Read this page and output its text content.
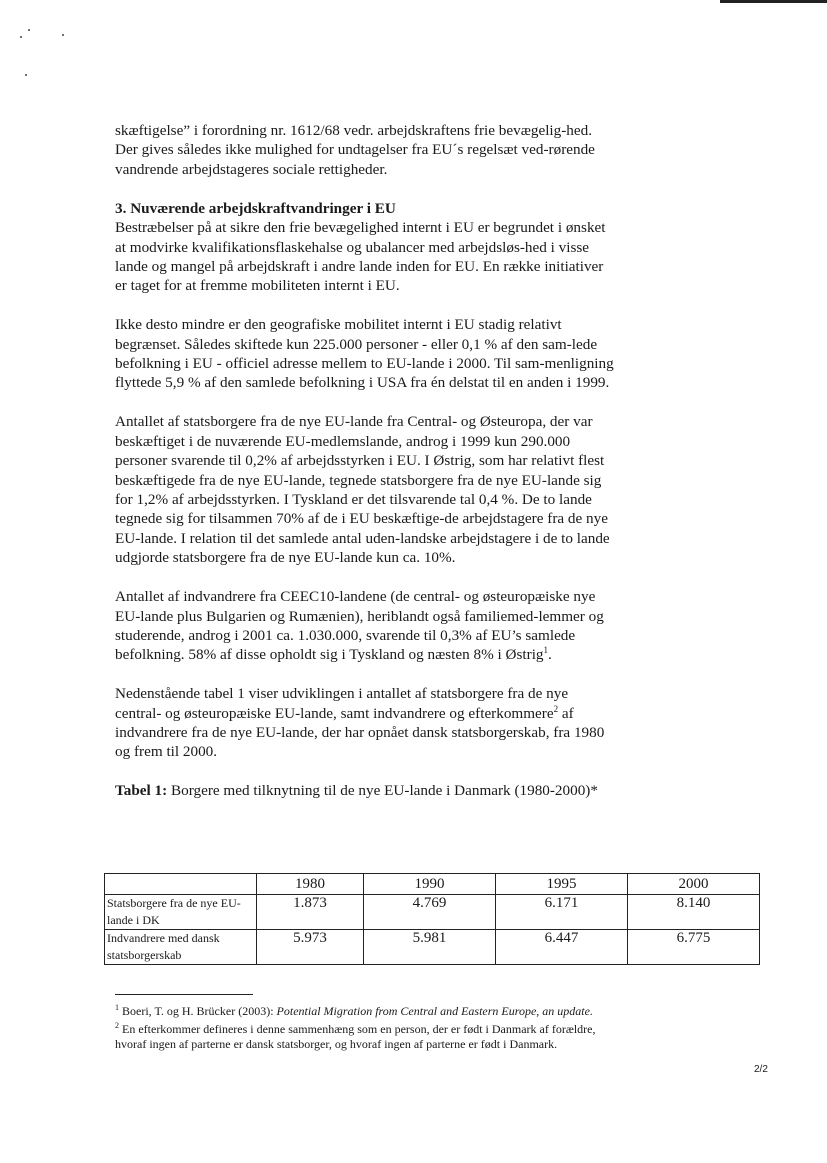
skæftigelse” i forordning nr. 1612/68 vedr. arbejdskraftens frie bevægelig-hed. Der gives således ikke mulighed for undtagelser fra EU´s regelsæt ved-rørende vandrende arbejdstageres sociale rettigheder.

3. Nuværende arbejdskraftvandringer i EU

Bestræbelser på at sikre den frie bevægelighed internt i EU er begrundet i ønsket at modvirke kvalifikationsflaskehalse og ubalancer med arbejdsløs-hed i visse lande og mangel på arbejdskraft i andre lande inden for EU. En række initiativer er taget for at fremme mobiliteten internt i EU.

Ikke desto mindre er den geografiske mobilitet internt i EU stadig relativt begrænset. Således skiftede kun 225.000 personer - eller 0,1 % af den sam-lede befolkning i EU - officiel adresse mellem to EU-lande i 2000. Til sam-menligning flyttede 5,9 % af den samlede befolkning i USA fra én delstat til en anden i 1999.

Antallet af statsborgere fra de nye EU-lande fra Central- og Østeuropa, der var beskæftiget i de nuværende EU-medlemslande, androg i 1999 kun 290.000 personer svarende til 0,2% af arbejdsstyrken i EU. I Østrig, som har relativt flest beskæftigede fra de nye EU-lande, tegnede statsborgere fra de nye EU-lande sig for 1,2% af arbejdsstyrken. I Tyskland er det tilsvarende tal 0,4 %. De to lande tegnede sig for tilsammen 70% af de i EU beskæftige-de arbejdstagere fra de nye EU-lande. I relation til det samlede antal uden-landske arbejdstagere i de to lande udgjorde statsborgere fra de nye EU-lande kun ca. 10%.

Antallet af indvandrere fra CEEC10-landene (de central- og østeuropæiske nye EU-lande plus Bulgarien og Rumænien), heriblandt også familiemed-lemmer og studerende, androg i 2001 ca. 1.030.000, svarende til 0,3% af EU’s samlede befolkning. 58% af disse opholdt sig i Tyskland og næsten 8% i Østrig$^1$.

Nedenstående tabel 1 viser udviklingen i antallet af statsborgere fra de nye central- og østeuropæiske EU-lande, samt indvandrere og efterkommere$^2$ af indvandrere fra de nye EU-lande, der har opnået dansk statsborgerskab, fra 1980 og frem til 2000.

Tabel 1: Borgere med tilknytning til de nye EU-lande i Danmark (1980-2000)*
	1980	1990	1995	2000
Statsborgere fra de nye EU-lande i DK	1.873	4.769	6.171	8.140
Indvandrere med dansk statsborgerskab	5.973	5.981	6.447	6.775

$^1$ Boeri, T. og H. Brücker (2003): Potential Migration from Central and Eastern Europe, an update.

$^2$ En efterkommer defineres i denne sammenhæng som en person, der er født i Danmark af forældre, hvoraf ingen af parterne er dansk statsborger, og hvoraf ingen af parterne er født i Danmark.

2/2
